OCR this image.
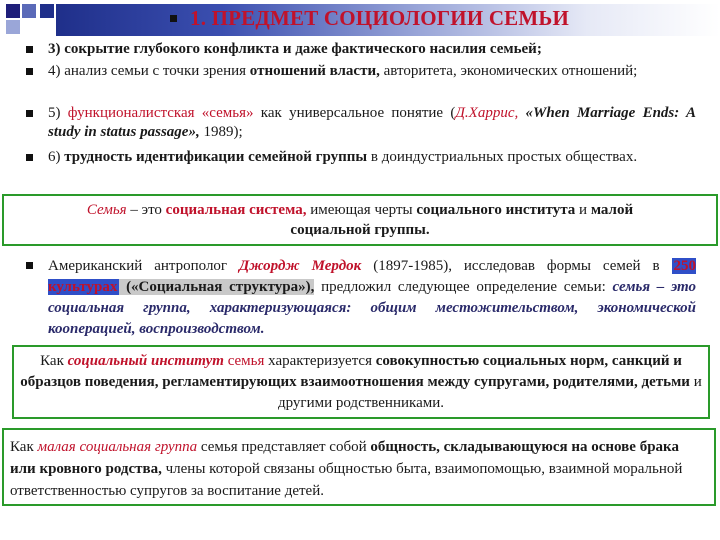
1. ПРЕДМЕТ СОЦИОЛОГИИ СЕМЬИ
3) сокрытие глубокого конфликта и даже фактического насилия семьей;
4) анализ семьи с точки зрения отношений власти, авторитета, экономических отношений;
5) функционалистская «семья» как универсальное понятие (Д.Харрис, «When Marriage Ends: A study in status passage», 1989);
6) трудность идентификации семейной группы в доиндустриальных простых обществах.
Семья – это социальная система, имеющая черты социального института и малой социальной группы.
Американский антрополог Джордж Мердок (1897-1985), исследовав формы семей в 250 культурах («Социальная структура»), предложил следующее определение семьи: семья – это социальная группа, характеризующаяся: общим местожительством, экономической кооперацией, воспроизводством.
Как социальный институт семья характеризуется совокупностью социальных норм, санкций и образцов поведения, регламентирующих взаимоотношения между супругами, родителями, детьми и другими родственниками.
Как малая социальная группа семья представляет собой общность, складывающуюся на основе брака или кровного родства, члены которой связаны общностью быта, взаимопомощью, взаимной моральной ответственностью супругов за воспитание детей.
